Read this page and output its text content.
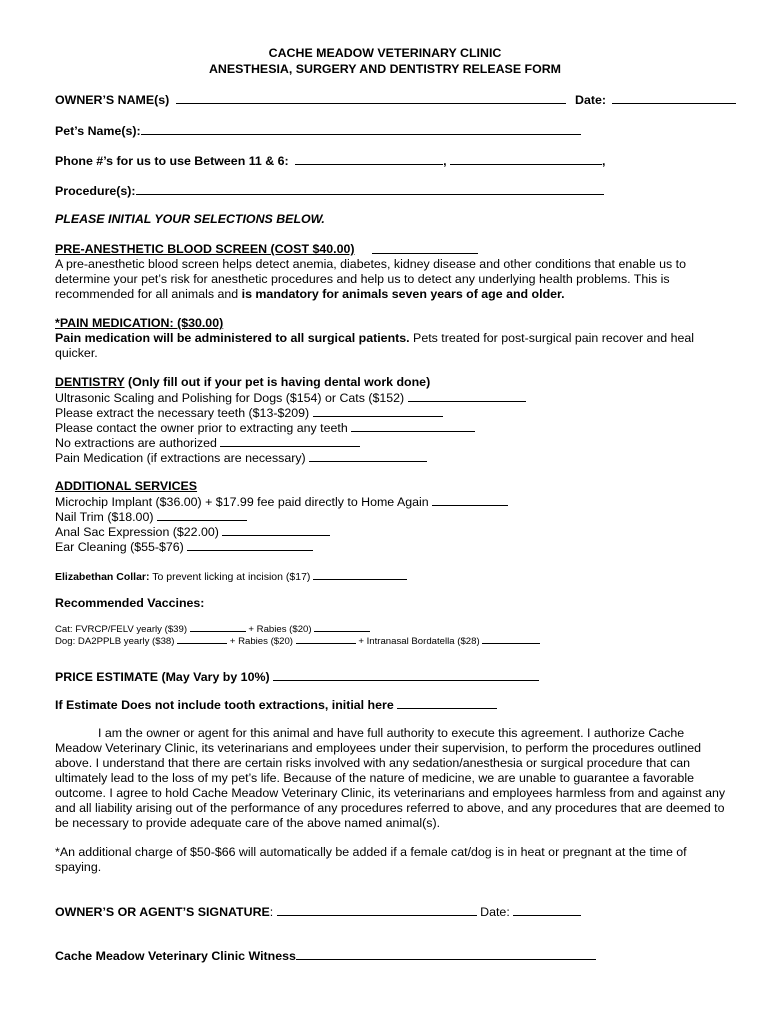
CACHE MEADOW VETERINARY CLINIC
ANESTHESIA, SURGERY AND DENTISTRY RELEASE FORM
OWNER’S NAME(s)	Date:
Pet’s Name(s):
Phone #’s for us to use Between 11 & 6:	,	,
Procedure(s):
PLEASE INITIAL YOUR SELECTIONS BELOW.
PRE-ANESTHETIC BLOOD SCREEN (COST $40.00)
A pre-anesthetic blood screen helps detect anemia, diabetes, kidney disease and other conditions that enable us to
determine your pet’s risk for anesthetic procedures and help us to detect any underlying health problems. This is
recommended for all animals and is mandatory for animals seven years of age and older.
*PAIN MEDICATION: ($30.00)
Pain medication will be administered to all surgical patients. Pets treated for post-surgical pain recover and heal
quicker.
DENTISTRY (Only fill out if your pet is having dental work done)
Ultrasonic Scaling and Polishing for Dogs ($154) or Cats ($152)
Please extract the necessary teeth ($13-$209)
Please contact the owner prior to extracting any teeth
No extractions are authorized
Pain Medication (if extractions are necessary)
ADDITIONAL SERVICES
Microchip Implant ($36.00) + $17.99 fee paid directly to Home Again
Nail Trim ($18.00)
Anal Sac Expression ($22.00)
Ear Cleaning ($55-$76)
Elizabethan Collar: To prevent licking at incision ($17)
Recommended Vaccines:
Cat: FVRCP/FELV yearly ($39)	+ Rabies ($20)
Dog: DA2PPLB yearly ($38)	+ Rabies ($20)	+ Intranasal Bordatella ($28)
PRICE ESTIMATE (May Vary by 10%)
If Estimate Does not include tooth extractions, initial here
I am the owner or agent for this animal and have full authority to execute this agreement. I authorize Cache
Meadow Veterinary Clinic, its veterinarians and employees under their supervision, to perform the procedures outlined
above. I understand that there are certain risks involved with any sedation/anesthesia or surgical procedure that can
ultimately lead to the loss of my pet’s life. Because of the nature of medicine, we are unable to guarantee a favorable
outcome. I agree to hold Cache Meadow Veterinary Clinic, its veterinarians and employees harmless from and against any
and all liability arising out of the performance of any procedures referred to above, and any procedures that are deemed to
be necessary to provide adequate care of the above named animal(s).
*An additional charge of $50-$66 will automatically be added if a female cat/dog is in heat or pregnant at the time of
spaying.
OWNER’S OR AGENT’S SIGNATURE:	Date:
Cache Meadow Veterinary Clinic Witness
